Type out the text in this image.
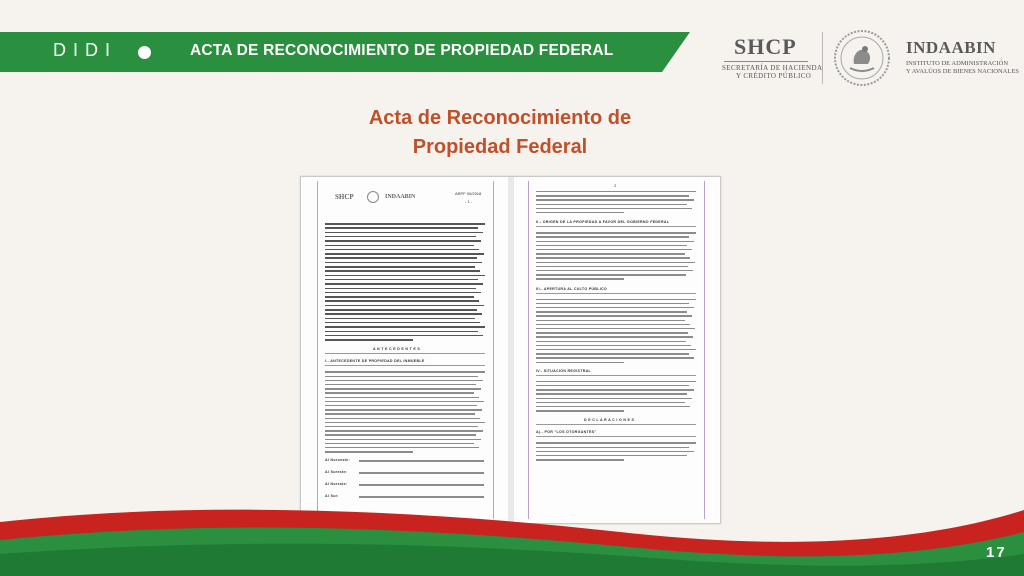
DIDI	ACTA DE RECONOCIMIENTO DE PROPIEDAD FEDERAL	SHCP
SECRETARÍA DE HACIENDA
Y CRÉDITO PÚBLICO
INDAABIN
INSTITUTO DE ADMINISTRACIÓN
Y AVALÚOS DE BIENES NACIONALES
Acta de Reconocimiento de
Propiedad Federal
SHCP	INDAABIN
ARPF 00/2018
- 1 -
A N T E C E D E N T E S
I.- ANTECEDENTE DE PROPIEDAD DEL INMUEBLE
Al Noroeste:
Al Sureste:
Al Noreste:
Al Sur:
2
II.- ORIGEN DE LA PROPIEDAD A FAVOR DEL GOBIERNO FEDERAL
III.- APERTURA AL CULTO PÚBLICO
IV.- SITUACIÓN REGISTRAL
D E C L A R A C I O N E S
A).- POR "LOS OTORGANTES"
17
